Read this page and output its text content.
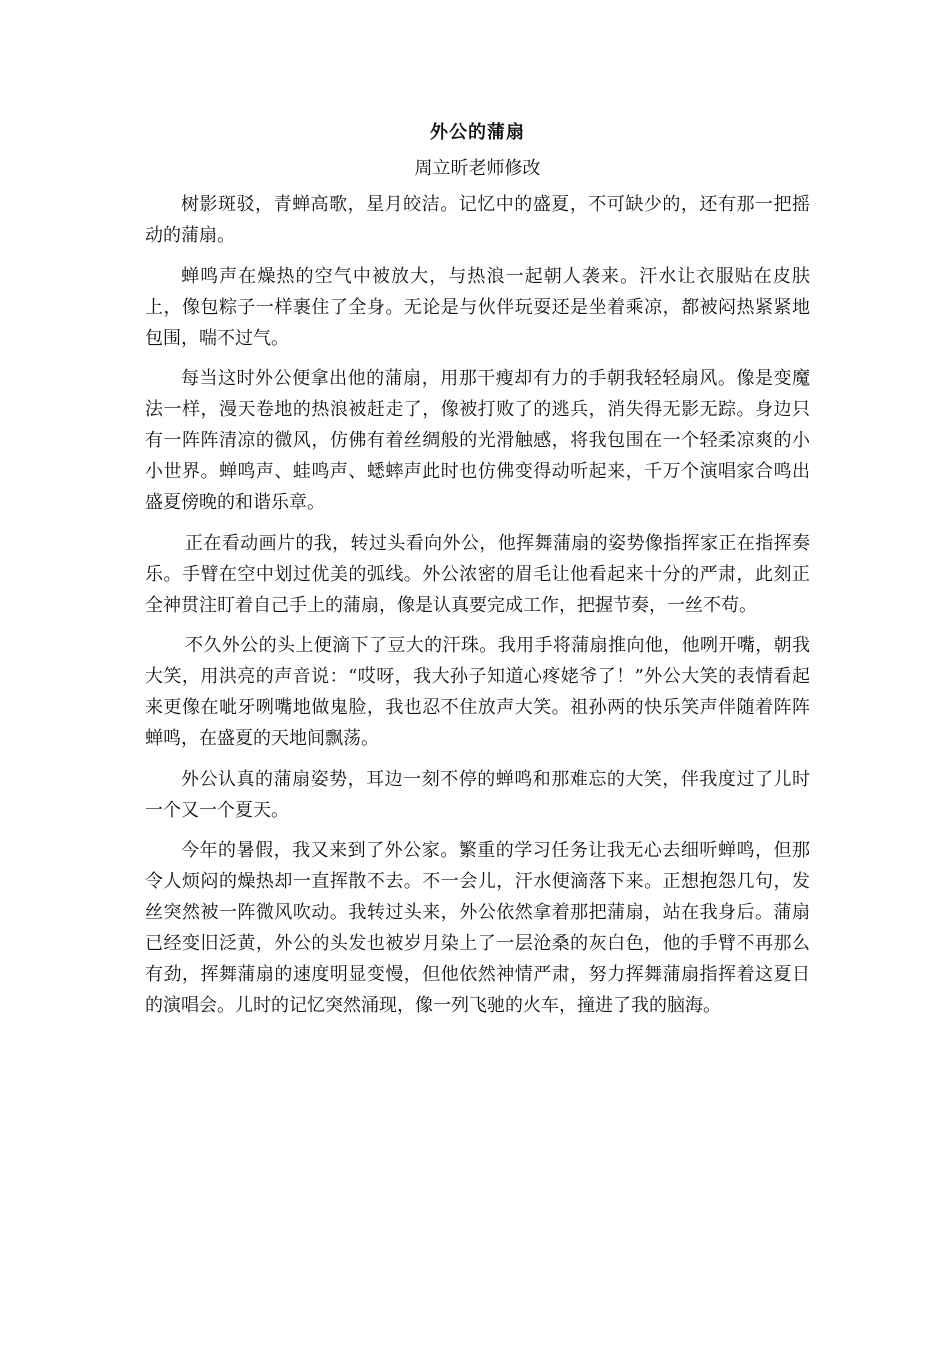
外公的蒲扇
周立昕老师修改

树影斑驳，青蝉高歌，星月皎洁。记忆中的盛夏，不可缺少的，还有那一把摇动的蒲扇。

蝉鸣声在燥热的空气中被放大，与热浪一起朝人袭来。汗水让衣服贴在皮肤上，像包粽子一样裹住了全身。无论是与伙伴玩耍还是坐着乘凉，都被闷热紧紧地包围，喘不过气。

每当这时外公便拿出他的蒲扇，用那干瘦却有力的手朝我轻轻扇风。像是变魔法一样，漫天卷地的热浪被赶走了，像被打败了的逃兵，消失得无影无踪。身边只有一阵阵清凉的微风，仿佛有着丝绸般的光滑触感，将我包围在一个轻柔凉爽的小小世界。蝉鸣声、蛙鸣声、蟋蟀声此时也仿佛变得动听起来，千万个演唱家合鸣出盛夏傍晚的和谐乐章。

正在看动画片的我，转过头看向外公，他挥舞蒲扇的姿势像指挥家正在指挥奏乐。手臂在空中划过优美的弧线。外公浓密的眉毛让他看起来十分的严肃，此刻正全神贯注盯着自己手上的蒲扇，像是认真要完成工作，把握节奏，一丝不苟。

不久外公的头上便滴下了豆大的汗珠。我用手将蒲扇推向他，他咧开嘴，朝我大笑，用洪亮的声音说：“哎呀，我大孙子知道心疼姥爷了！”外公大笑的表情看起来更像在呲牙咧嘴地做鬼脸，我也忍不住放声大笑。祖孙两的快乐笑声伴随着阵阵蝉鸣，在盛夏的天地间飘荡。

外公认真的蒲扇姿势，耳边一刻不停的蝉鸣和那难忘的大笑，伴我度过了儿时一个又一个夏天。

今年的暑假，我又来到了外公家。繁重的学习任务让我无心去细听蝉鸣，但那令人烦闷的燥热却一直挥散不去。不一会儿，汗水便滴落下来。正想抱怨几句，发丝突然被一阵微风吹动。我转过头来，外公依然拿着那把蒲扇，站在我身后。蒲扇已经变旧泛黄，外公的头发也被岁月染上了一层沧桑的灰白色，他的手臂不再那么有劲，挥舞蒲扇的速度明显变慢，但他依然神情严肃，努力挥舞蒲扇指挥着这夏日的演唱会。儿时的记忆突然涌现，像一列飞驰的火车，撞进了我的脑海。
